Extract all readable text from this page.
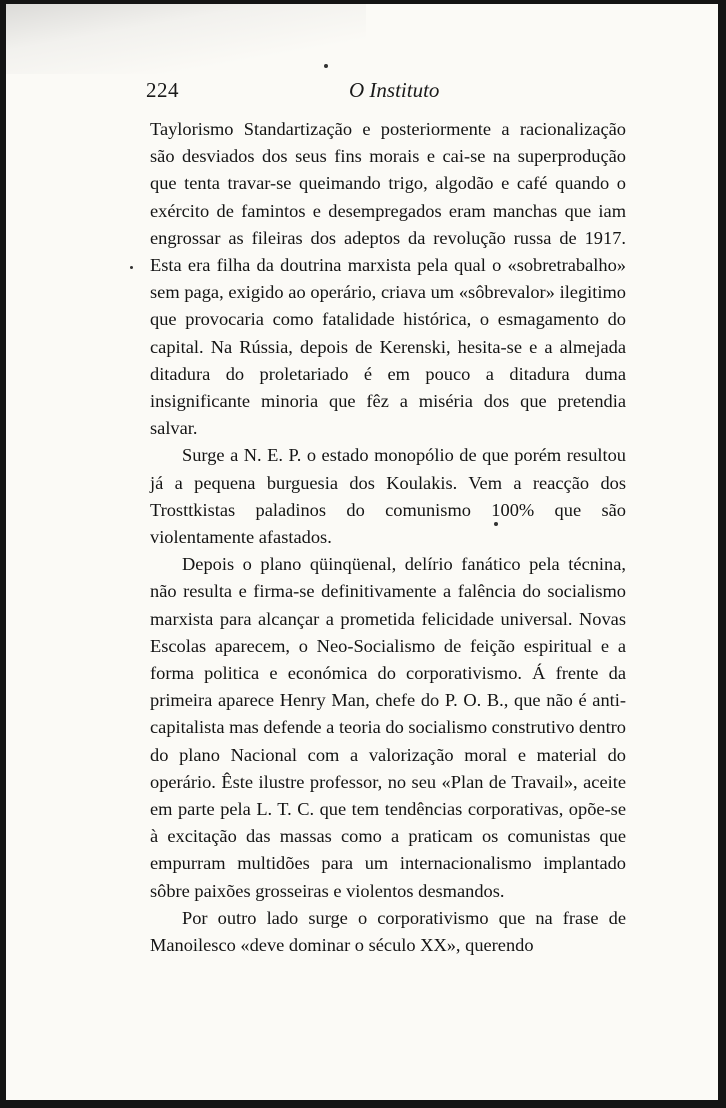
224	O Instituto

Taylorismo Standartização e posteriormente a racionalização são desviados dos seus fins morais e cai-se na superprodução que tenta travar-se queimando trigo, algodão e café quando o exército de famintos e desempregados eram manchas que iam engrossar as fileiras dos adeptos da revolução russa de 1917. Esta era filha da doutrina marxista pela qual o «sobretrabalho» sem paga, exigido ao operário, criava um «sôbrevalor» ilegitimo que provocaria como fatalidade histórica, o esmagamento do capital. Na Rússia, depois de Kerenski, hesita-se e a almejada ditadura do proletariado é em pouco a ditadura duma insignificante minoria que fêz a miséria dos que pretendia salvar.

Surge a N. E. P. o estado monopólio de que porém resultou já a pequena burguesia dos Koulakis. Vem a reacção dos Trosttkistas paladinos do comunismo 100% que são violentamente afastados.

Depois o plano qüinqüenal, delírio fanático pela técnina, não resulta e firma-se definitivamente a falência do socialismo marxista para alcançar a prometida felicidade universal. Novas Escolas aparecem, o Neo-Socialismo de feição espiritual e a forma politica e económica do corporativismo. Á frente da primeira aparece Henry Man, chefe do P. O. B., que não é anti-capitalista mas defende a teoria do socialismo construtivo dentro do plano Nacional com a valorização moral e material do operário. Êste ilustre professor, no seu «Plan de Travail», aceite em parte pela L. T. C. que tem tendências corporativas, opõe-se à excitação das massas como a praticam os comunistas que empurram multidões para um internacionalismo implantado sôbre paixões grosseiras e violentos desmandos.

Por outro lado surge o corporativismo que na frase de Manoilesco «deve dominar o século XX», querendo
